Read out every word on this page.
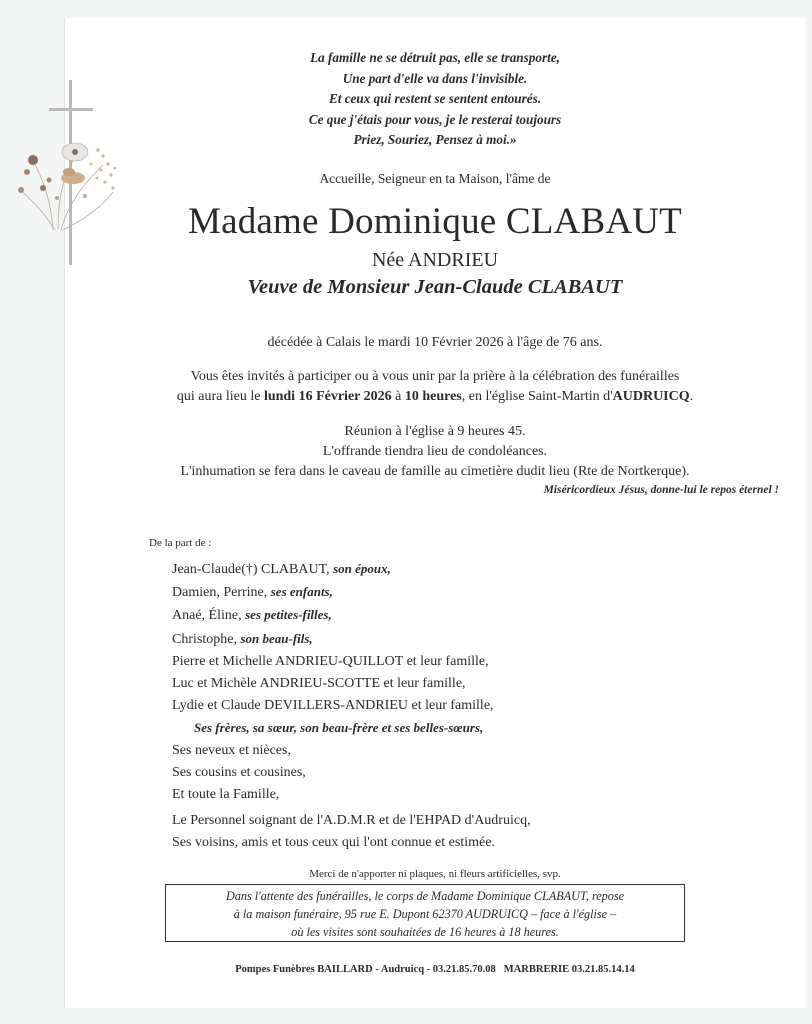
La famille ne se détruit pas, elle se transporte,
Une part d'elle va dans l'invisible.
Et ceux qui restent se sentent entourés.
Ce que j'étais pour vous, je le resterai toujours
Priez, Souriez, Pensez à moi.»
Accueille, Seigneur en ta Maison, l'âme de
Madame Dominique CLABAUT
Née ANDRIEU
Veuve de Monsieur Jean-Claude CLABAUT
décédée à Calais le mardi 10 Février 2026 à l'âge de 76 ans.
Vous êtes invités à participer ou à vous unir par la prière à la célébration des funérailles
qui aura lieu le lundi 16 Février 2026 à 10 heures, en l'église Saint-Martin d'AUDRUICQ.
Réunion à l'église à 9 heures 45.
L'offrande tiendra lieu de condoléances.
L'inhumation se fera dans le caveau de famille au cimetière dudit lieu (Rte de Nortkerque).
Miséricordieux Jésus, donne-lui le repos éternel !
De la part de :
Jean-Claude(†) CLABAUT, son époux,
Damien, Perrine, ses enfants,
Anaé, Éline, ses petites-filles,
Christophe, son beau-fils,
Pierre et Michelle ANDRIEU-QUILLOT et leur famille,
Luc et Michèle ANDRIEU-SCOTTE et leur famille,
Lydie et Claude DEVILLERS-ANDRIEU et leur famille,
Ses frères, sa sœur, son beau-frère et ses belles-sœurs,
Ses neveux et nièces,
Ses cousins et cousines,
Et toute la Famille,
Le Personnel soignant de l'A.D.M.R et de l'EHPAD d'Audruicq,
Ses voisins, amis et tous ceux qui l'ont connue et estimée.
Merci de n'apporter ni plaques, ni fleurs artificielles, svp.
Dans l'attente des funérailles, le corps de Madame Dominique CLABAUT, repose
à la maison funéraire, 95 rue E. Dupont 62370 AUDRUICQ – face à l'église –
où les visites sont souhaitées de 16 heures à 18 heures.
Pompes Funèbres BAILLARD - Audruicq - 03.21.85.70.08 MARBRERIE 03.21.85.14.14
